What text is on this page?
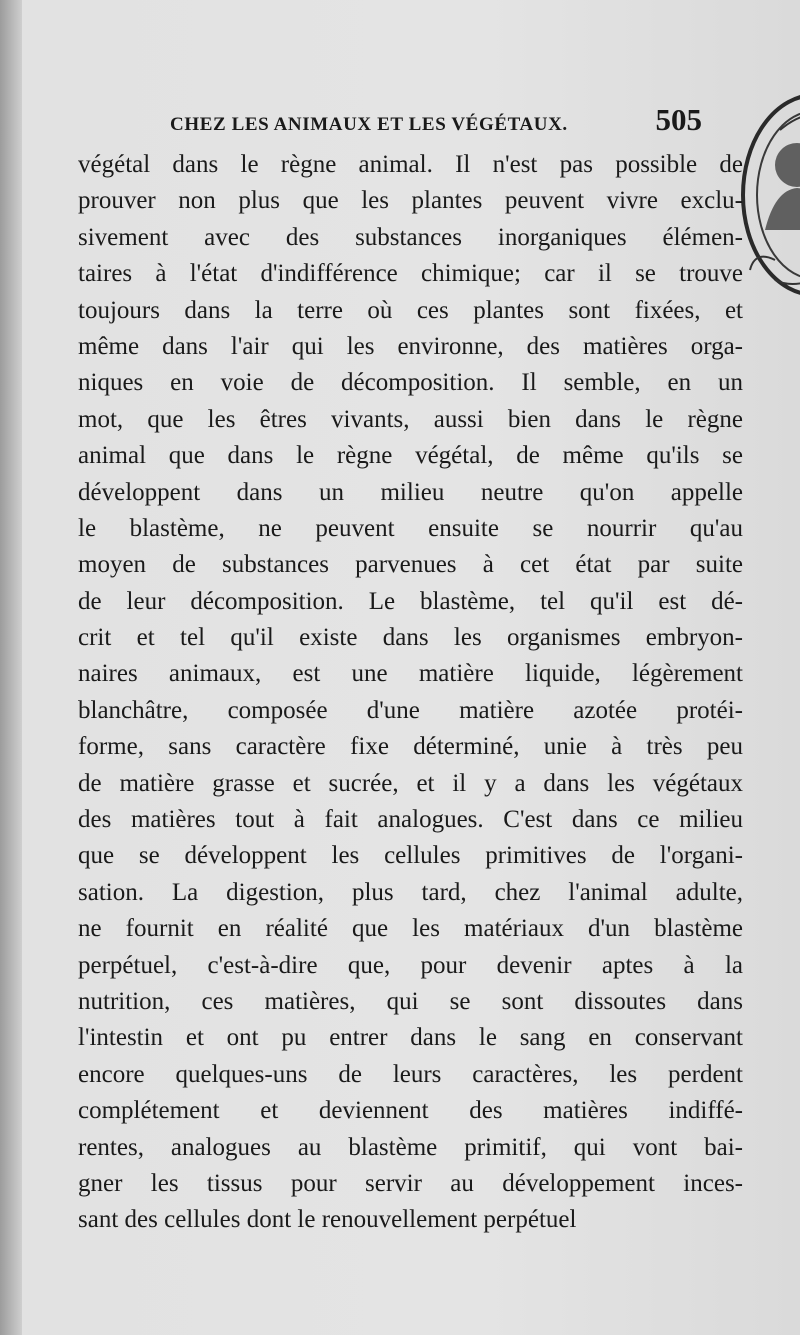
CHEZ LES ANIMAUX ET LES VÉGÉTAUX.	505
végétal dans le règne animal. Il n'est pas possible de
prouver non plus que les plantes peuvent vivre exclu-
sivement avec des substances inorganiques élémen-
taires à l'état d'indifférence chimique; car il se trouve
toujours dans la terre où ces plantes sont fixées, et
même dans l'air qui les environne, des matières orga-
niques en voie de décomposition. Il semble, en un
mot, que les êtres vivants, aussi bien dans le règne
animal que dans le règne végétal, de même qu'ils se
développent dans un milieu neutre qu'on appelle
le blastème, ne peuvent ensuite se nourrir qu'au
moyen de substances parvenues à cet état par suite
de leur décomposition. Le blastème, tel qu'il est dé-
crit et tel qu'il existe dans les organismes embryon-
naires animaux, est une matière liquide, légèrement
blanchâtre, composée d'une matière azotée protéi-
forme, sans caractère fixe déterminé, unie à très peu
de matière grasse et sucrée, et il y a dans les végétaux
des matières tout à fait analogues. C'est dans ce milieu
que se développent les cellules primitives de l'organi-
sation. La digestion, plus tard, chez l'animal adulte,
ne fournit en réalité que les matériaux d'un blastème
perpétuel, c'est-à-dire que, pour devenir aptes à la
nutrition, ces matières, qui se sont dissoutes dans
l'intestin et ont pu entrer dans le sang en conservant
encore quelques-uns de leurs caractères, les perdent
complétement et deviennent des matières indiffé-
rentes, analogues au blastème primitif, qui vont bai-
gner les tissus pour servir au développement inces-
sant des cellules dont le renouvellement perpétuel
